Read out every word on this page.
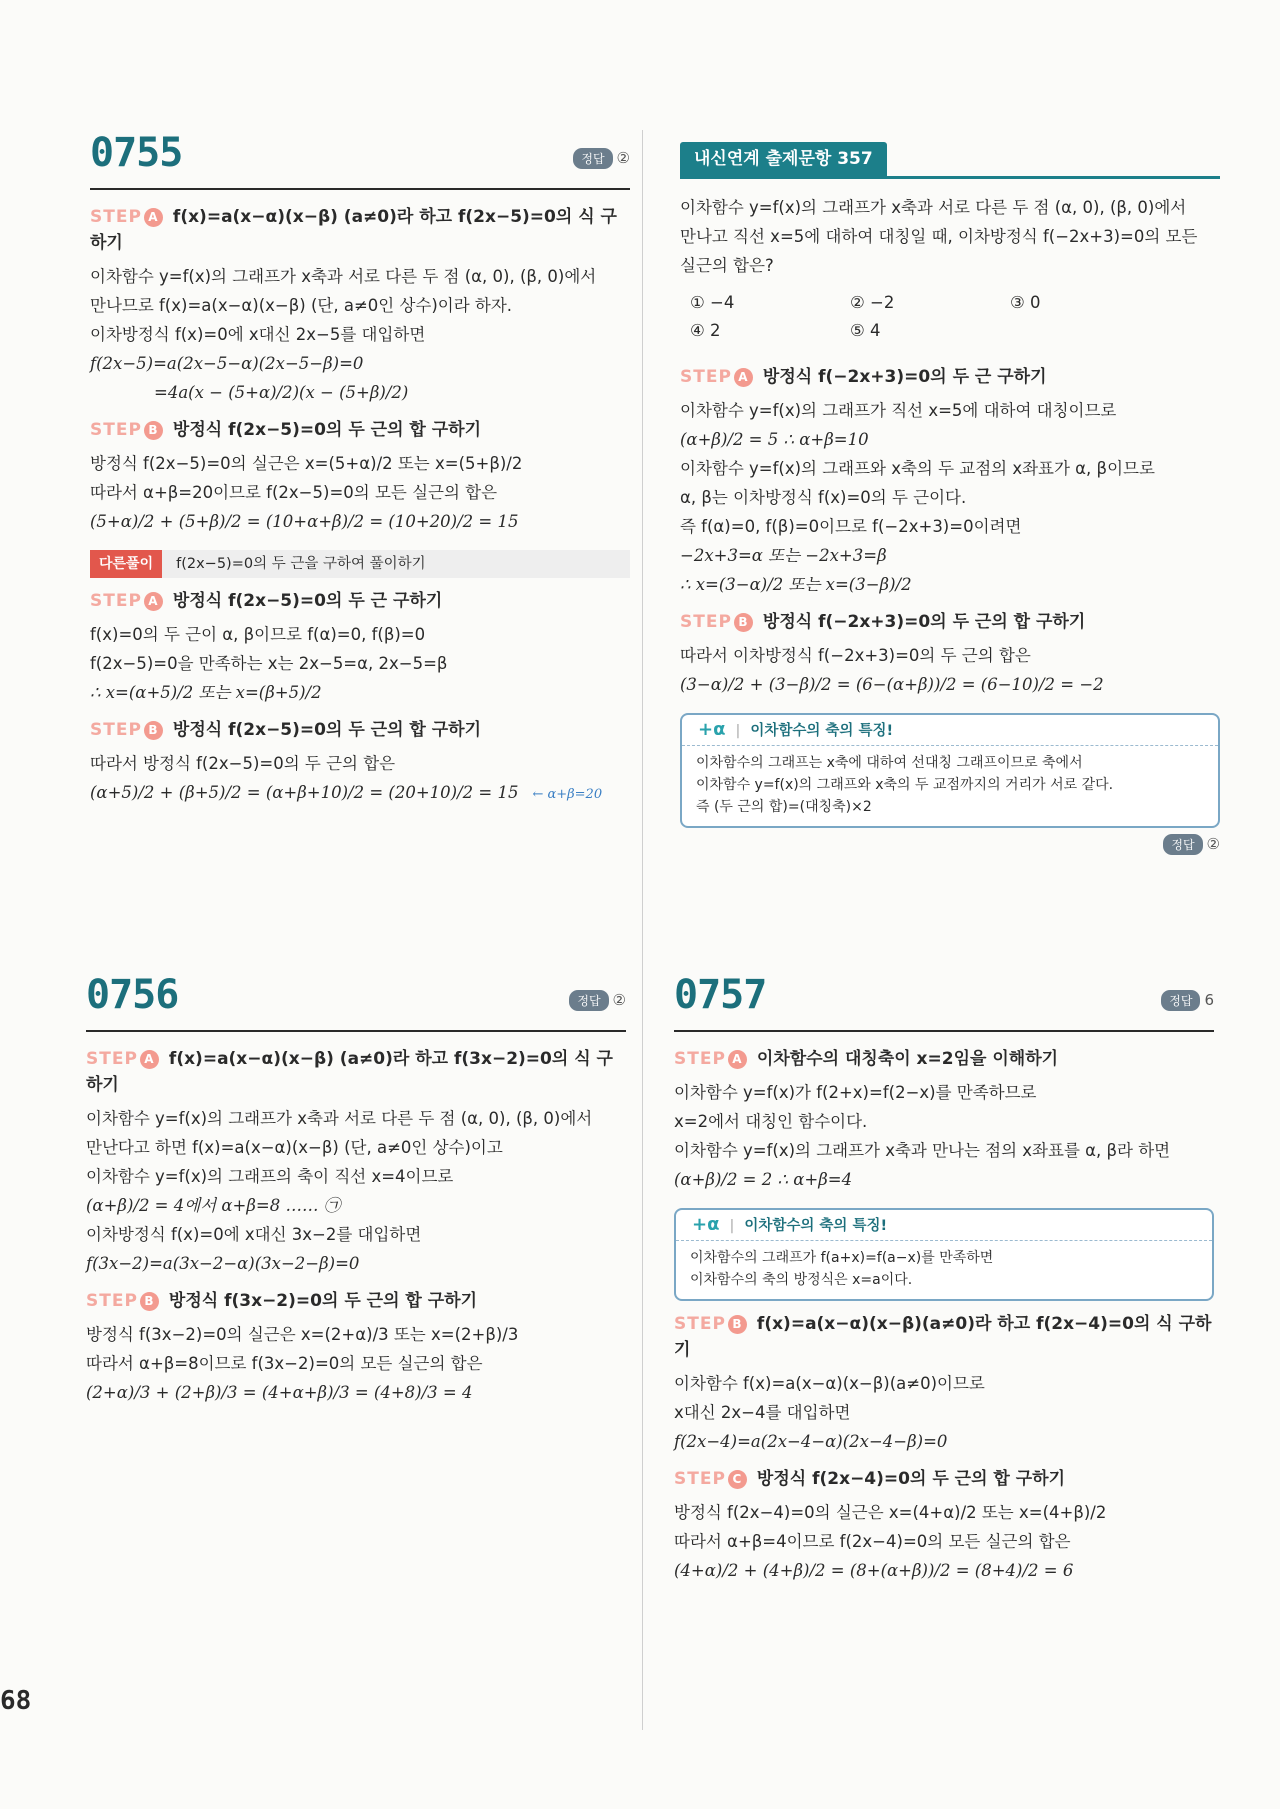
0755	정답 ②
STEP A f(x)=a(x−α)(x−β) (a≠0)라 하고 f(2x−5)=0의 식 구하기
이차함수 y=f(x)의 그래프가 x축과 서로 다른 두 점 (α, 0), (β, 0)에서
만나므로 f(x)=a(x−α)(x−β) (단, a≠0인 상수)이라 하자.
이차방정식 f(x)=0에 x대신 2x−5를 대입하면
f(2x−5)=a(2x−5−α)(2x−5−β)=0
=4a(x − (5+α)/2)(x − (5+β)/2)
STEP B 방정식 f(2x−5)=0의 두 근의 합 구하기
방정식 f(2x−5)=0의 실근은 x=(5+α)/2 또는 x=(5+β)/2
따라서 α+β=20이므로 f(2x−5)=0의 모든 실근의 합은
(5+α)/2 + (5+β)/2 = (10+α+β)/2 = (10+20)/2 = 15
다른풀이 f(2x−5)=0의 두 근을 구하여 풀이하기
STEP A 방정식 f(2x−5)=0의 두 근 구하기
f(x)=0의 두 근이 α, β이므로 f(α)=0, f(β)=0
f(2x−5)=0을 만족하는 x는 2x−5=α, 2x−5=β
∴ x=(α+5)/2 또는 x=(β+5)/2
STEP B 방정식 f(2x−5)=0의 두 근의 합 구하기
따라서 방정식 f(2x−5)=0의 두 근의 합은
(α+5)/2 + (β+5)/2 = (α+β+10)/2 = (20+10)/2 = 15 ← α+β=20
내신연계 출제문항 357
이차함수 y=f(x)의 그래프가 x축과 서로 다른 두 점 (α, 0), (β, 0)에서
만나고 직선 x=5에 대하여 대칭일 때, 이차방정식 f(−2x+3)=0의 모든
실근의 합은?
① −4	② −2	③ 0
④ 2	⑤ 4
STEP A 방정식 f(−2x+3)=0의 두 근 구하기
이차함수 y=f(x)의 그래프가 직선 x=5에 대하여 대칭이므로
(α+β)/2 = 5 ∴ α+β=10
이차함수 y=f(x)의 그래프와 x축의 두 교점의 x좌표가 α, β이므로
α, β는 이차방정식 f(x)=0의 두 근이다.
즉 f(α)=0, f(β)=0이므로 f(−2x+3)=0이려면
−2x+3=α 또는 −2x+3=β
∴ x=(3−α)/2 또는 x=(3−β)/2
STEP B 방정식 f(−2x+3)=0의 두 근의 합 구하기
따라서 이차방정식 f(−2x+3)=0의 두 근의 합은
(3−α)/2 + (3−β)/2 = (6−(α+β))/2 = (6−10)/2 = −2
+α | 이차함수의 축의 특징!
이차함수의 그래프는 x축에 대하여 선대칭 그래프이므로 축에서
이차함수 y=f(x)의 그래프와 x축의 두 교점까지의 거리가 서로 같다.
즉 (두 근의 합)=(대칭축)×2
정답 ②
0756	정답 ②
STEP A f(x)=a(x−α)(x−β) (a≠0)라 하고 f(3x−2)=0의 식 구하기
이차함수 y=f(x)의 그래프가 x축과 서로 다른 두 점 (α, 0), (β, 0)에서
만난다고 하면 f(x)=a(x−α)(x−β) (단, a≠0인 상수)이고
이차함수 y=f(x)의 그래프의 축이 직선 x=4이므로
(α+β)/2 = 4에서 α+β=8 …… ㉠
이차방정식 f(x)=0에 x대신 3x−2를 대입하면
f(3x−2)=a(3x−2−α)(3x−2−β)=0
STEP B 방정식 f(3x−2)=0의 두 근의 합 구하기
방정식 f(3x−2)=0의 실근은 x=(2+α)/3 또는 x=(2+β)/3
따라서 α+β=8이므로 f(3x−2)=0의 모든 실근의 합은
(2+α)/3 + (2+β)/3 = (4+α+β)/3 = (4+8)/3 = 4
0757	정답 6
STEP A 이차함수의 대칭축이 x=2임을 이해하기
이차함수 y=f(x)가 f(2+x)=f(2−x)를 만족하므로
x=2에서 대칭인 함수이다.
이차함수 y=f(x)의 그래프가 x축과 만나는 점의 x좌표를 α, β라 하면
(α+β)/2 = 2 ∴ α+β=4
+α | 이차함수의 축의 특징!
이차함수의 그래프가 f(a+x)=f(a−x)를 만족하면
이차함수의 축의 방정식은 x=a이다.
STEP B f(x)=a(x−α)(x−β)(a≠0)라 하고 f(2x−4)=0의 식 구하기
이차함수 f(x)=a(x−α)(x−β)(a≠0)이므로
x대신 2x−4를 대입하면
f(2x−4)=a(2x−4−α)(2x−4−β)=0
STEP C 방정식 f(2x−4)=0의 두 근의 합 구하기
방정식 f(2x−4)=0의 실근은 x=(4+α)/2 또는 x=(4+β)/2
따라서 α+β=4이므로 f(2x−4)=0의 모든 실근의 합은
(4+α)/2 + (4+β)/2 = (8+(α+β))/2 = (8+4)/2 = 6
68
